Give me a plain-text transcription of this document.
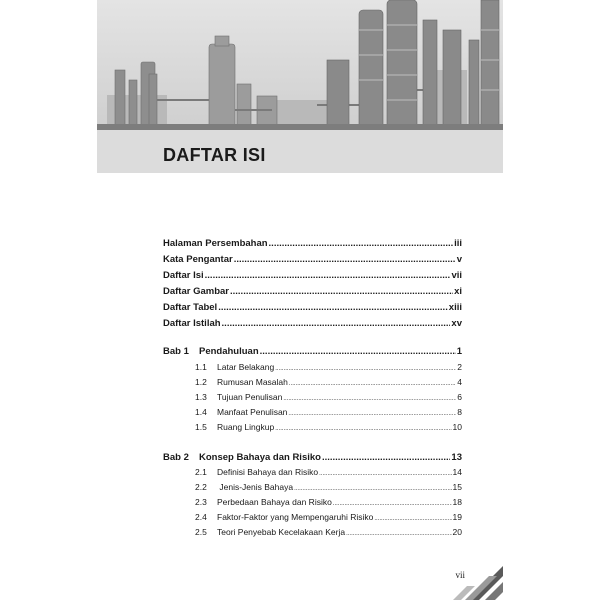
DAFTAR ISI
Halaman Persembahan .....	iii
Kata Pengantar .....	v
Daftar Isi .....	vii
Daftar Gambar .....	xi
Daftar Tabel .....	xiii
Daftar Istilah .....	xv
Bab 1	Pendahuluan .....	1
1.1	Latar Belakang .....	2
1.2	Rumusan Masalah .....	4
1.3	Tujuan Penulisan .....	6
1.4	Manfaat Penulisan .....	8
1.5	Ruang Lingkup .....	10
Bab 2	Konsep Bahaya dan Risiko .....	13
2.1	Definisi Bahaya dan Risiko .....	14
2.2	Jenis-Jenis Bahaya .....	15
2.3	Perbedaan Bahaya dan Risiko .....	18
2.4	Faktor-Faktor yang Mempengaruhi Risiko .....	19
2.5	Teori Penyebab Kecelakaan Kerja .....	20
vii
